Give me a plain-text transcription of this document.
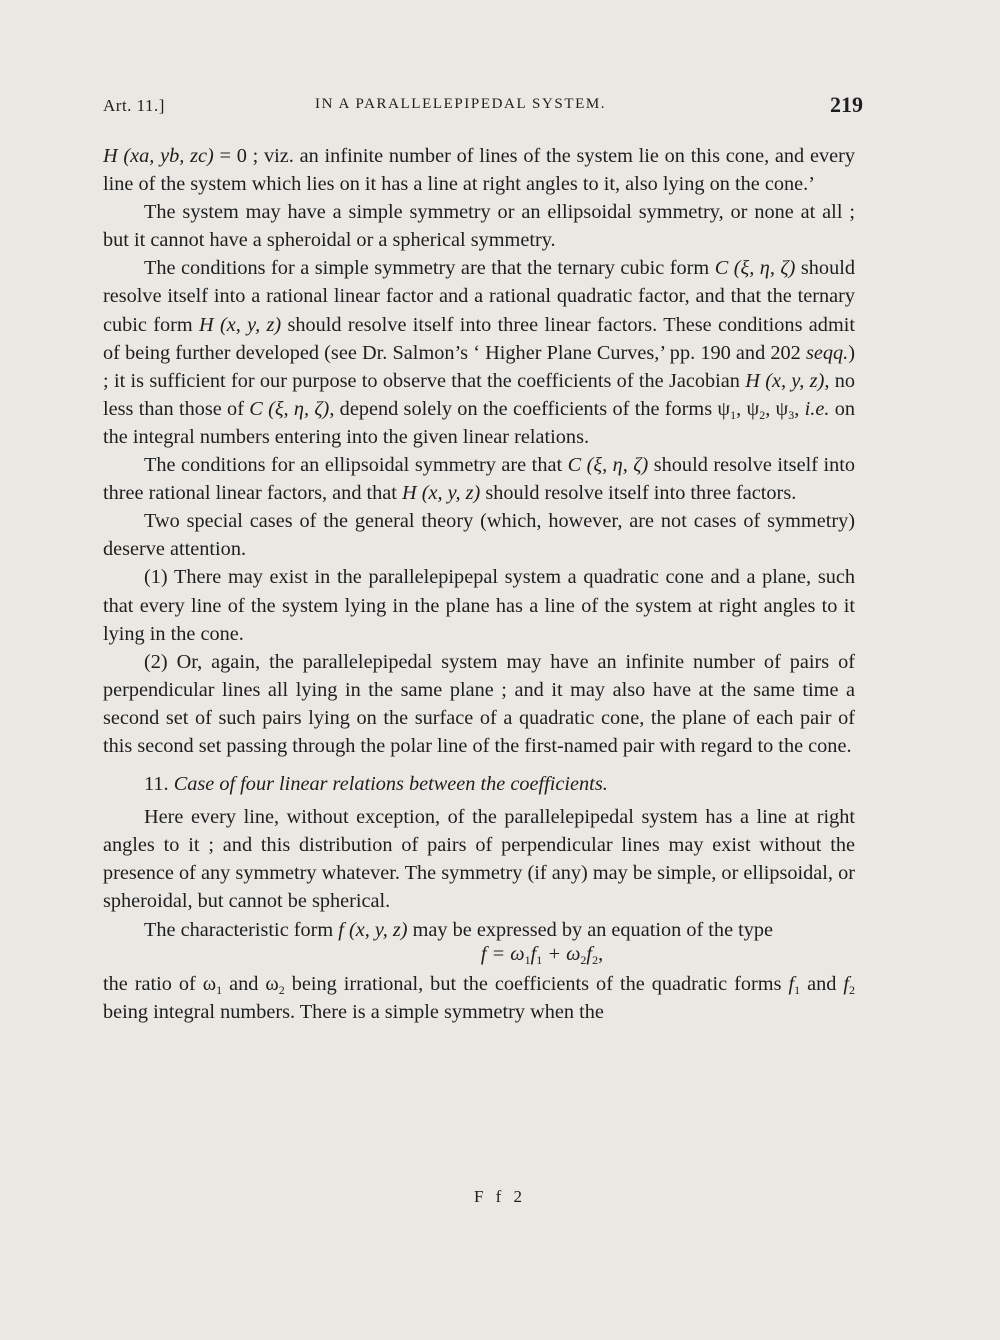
Art. 11.]	IN A PARALLELEPIPEDAL SYSTEM.	219

H (xa, yb, zc) = 0 ; viz. an infinite number of lines of the system lie on this cone, and every line of the system which lies on it has a line at right angles to it, also lying on the cone.’

The system may have a simple symmetry or an ellipsoidal symmetry, or none at all ; but it cannot have a spheroidal or a spherical symmetry.

The conditions for a simple symmetry are that the ternary cubic form C (ξ, η, ζ) should resolve itself into a rational linear factor and a rational quadratic factor, and that the ternary cubic form H (x, y, z) should resolve itself into three linear factors. These conditions admit of being further developed (see Dr. Salmon’s ‘ Higher Plane Curves,’ pp. 190 and 202 seqq.) ; it is sufficient for our purpose to observe that the coefficients of the Jacobian H (x, y, z), no less than those of C (ξ, η, ζ), depend solely on the coefficients of the forms $\psi_1$, $\psi_2$, $\psi_3$, i.e. on the integral numbers entering into the given linear relations.

The conditions for an ellipsoidal symmetry are that C (ξ, η, ζ) should resolve itself into three rational linear factors, and that H (x, y, z) should resolve itself into three factors.

Two special cases of the general theory (which, however, are not cases of symmetry) deserve attention.

(1) There may exist in the parallelepipepal system a quadratic cone and a plane, such that every line of the system lying in the plane has a line of the system at right angles to it lying in the cone.

(2) Or, again, the parallelepipedal system may have an infinite number of pairs of perpendicular lines all lying in the same plane ; and it may also have at the same time a second set of such pairs lying on the surface of a quadratic cone, the plane of each pair of this second set passing through the polar line of the first-named pair with regard to the cone.

11. Case of four linear relations between the coefficients.

Here every line, without exception, of the parallelepipedal system has a line at right angles to it ; and this distribution of pairs of perpendicular lines may exist without the presence of any symmetry whatever. The symmetry (if any) may be simple, or ellipsoidal, or spheroidal, but cannot be spherical.

The characteristic form f (x, y, z) may be expressed by an equation of the type
$f = \omega_1f_1 + \omega_2f_2$,

the ratio of $\omega_1$ and $\omega_2$ being irrational, but the coefficients of the quadratic forms $f_1$ and $f_2$ being integral numbers. There is a simple symmetry when the

F f 2
